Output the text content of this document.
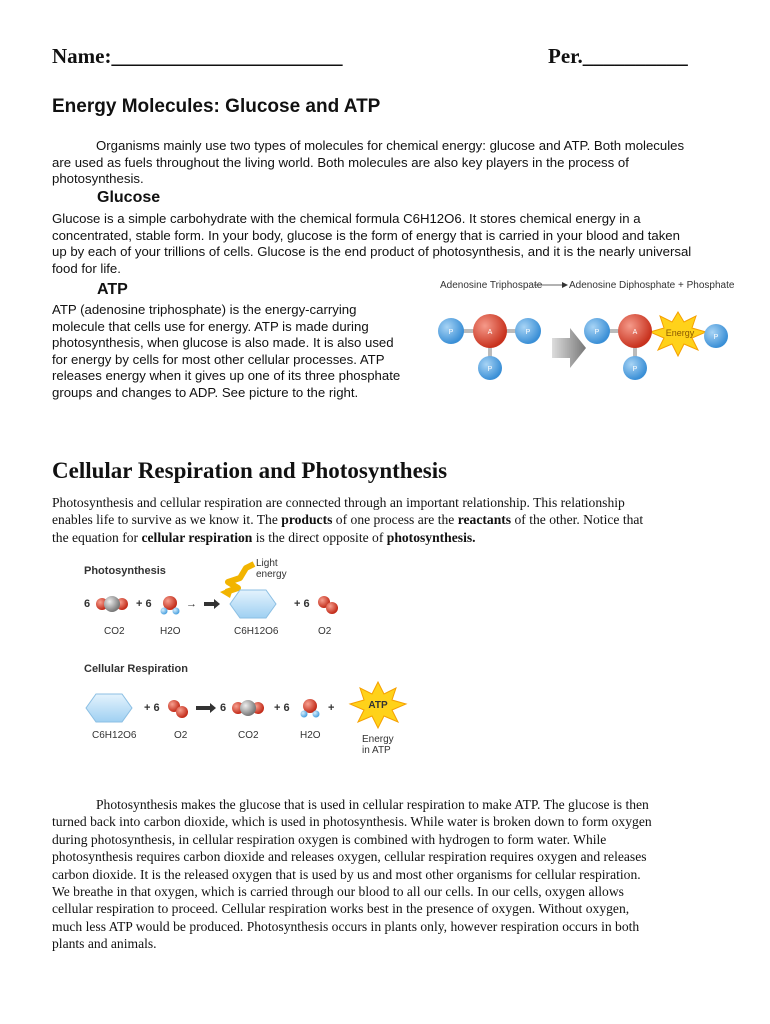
Name:______________________	Per.__________
Energy Molecules: Glucose and ATP
Organisms mainly use two types of molecules for chemical energy: glucose and ATP. Both molecules
are used as fuels throughout the living world. Both molecules are also key players in the process of
photosynthesis.
Glucose
Glucose is a simple carbohydrate with the chemical formula C6H12O6. It stores chemical energy in a
concentrated, stable form. In your body, glucose is the form of energy that is carried in your blood and taken
up by each of your trillions of cells. Glucose is the end product of photosynthesis, and it is the nearly universal
food for life.
ATP
ATP (adenosine triphosphate) is the energy-carrying
molecule that cells use for energy. ATP is made during
photosynthesis, when glucose is also made. It is also used
for energy by cells for most other cellular processes. ATP
releases energy when it gives up one of its three phosphate
groups and changes to ADP. See picture to the right.
Adenosine Triphospate	Adenosine Diphosphate + Phosphate
P	A	P
P
P	A	Energy
P
P
Cellular Respiration and Photosynthesis
Photosynthesis and cellular respiration are connected through an important relationship. This relationship
enables life to survive as we know it. The products of one process are the reactants of the other. Notice that
the equation for cellular respiration is the direct opposite of photosynthesis.
Photosynthesis
Light
energy
6	+ 6	→	+ 6
CO2	H2O	C6H12O6	O2
Cellular Respiration
+ 6	6	+ 6	+	ATP
C6H12O6	O2	CO2	H2O	Energy
in ATP
Photosynthesis makes the glucose that is used in cellular respiration to make ATP. The glucose is then
turned back into carbon dioxide, which is used in photosynthesis. While water is broken down to form oxygen
during photosynthesis, in cellular respiration oxygen is combined with hydrogen to form water. While
photosynthesis requires carbon dioxide and releases oxygen, cellular respiration requires oxygen and releases
carbon dioxide. It is the released oxygen that is used by us and most other organisms for cellular respiration.
We breathe in that oxygen, which is carried through our blood to all our cells. In our cells, oxygen allows
cellular respiration to proceed. Cellular respiration works best in the presence of oxygen. Without oxygen,
much less ATP would be produced. Photosynthesis occurs in plants only, however respiration occurs in both
plants and animals.
